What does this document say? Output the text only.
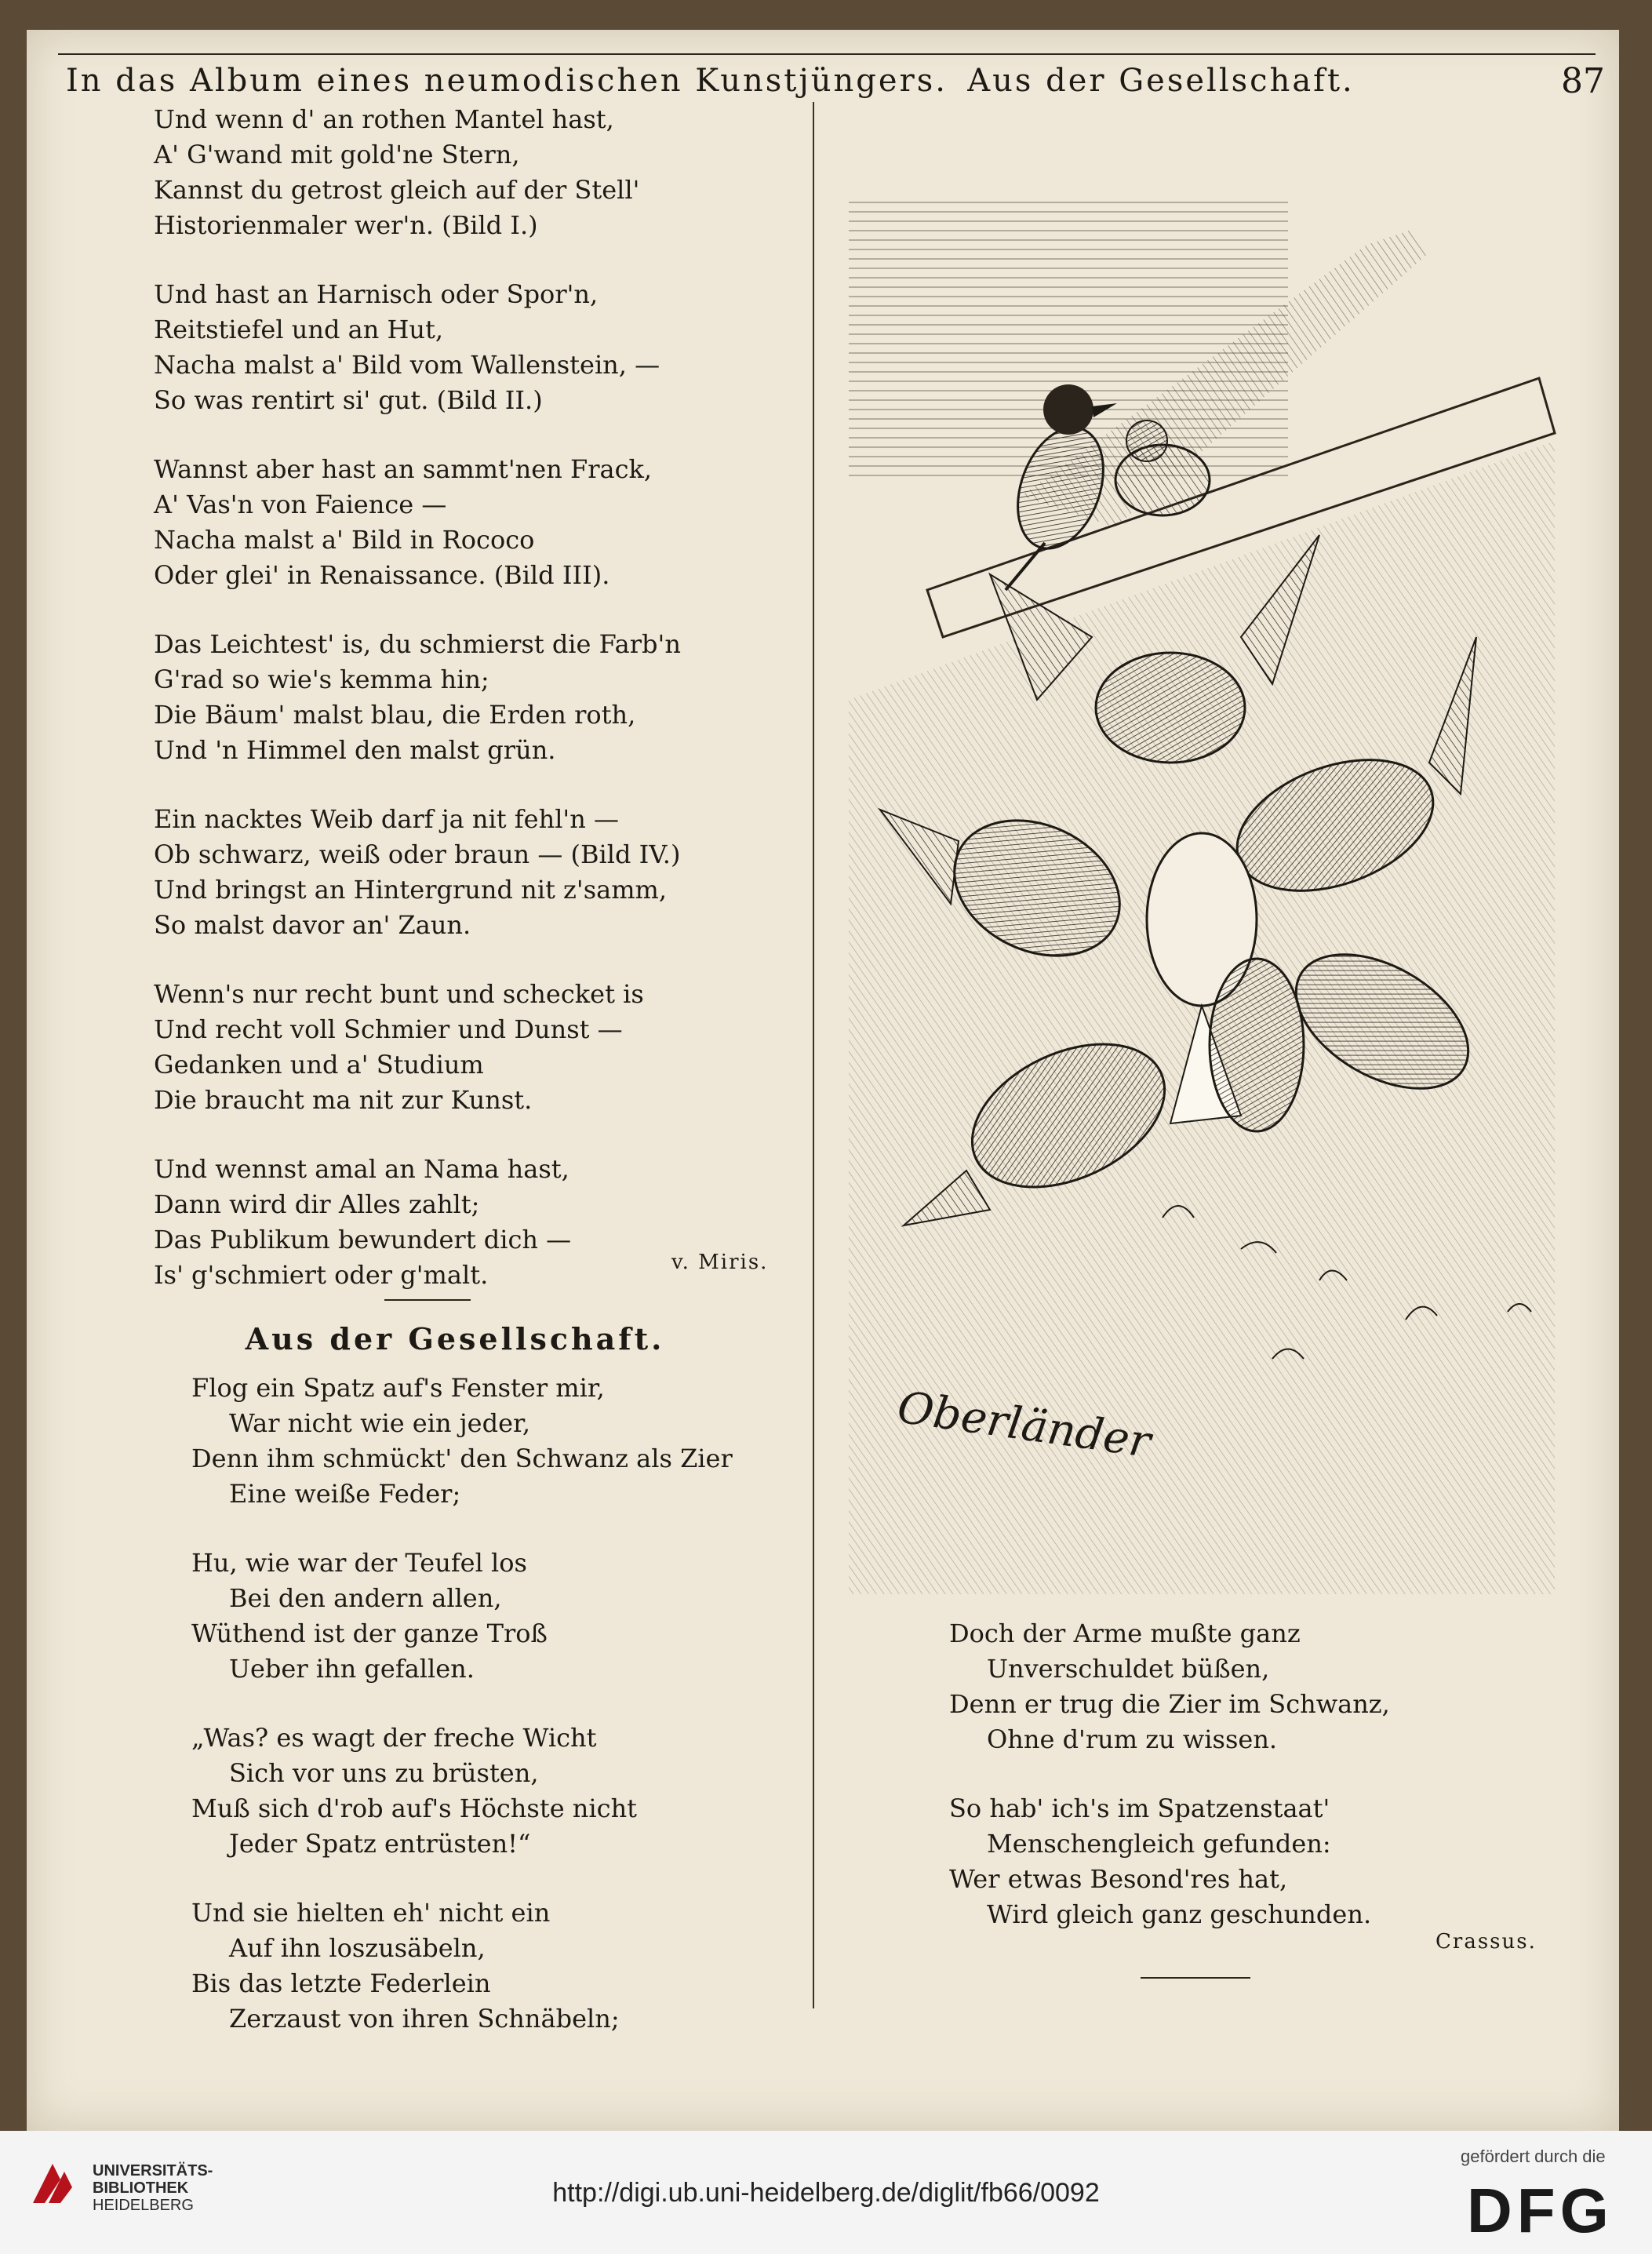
In das Album eines neumodischen Kunstjüngers. Aus der Gesellschaft.	87
Und wenn d' an rothen Mantel hast,
A' G'wand mit gold'ne Stern,
Kannst du getrost gleich auf der Stell'
Historienmaler wer'n. (Bild I.)
Und hast an Harnisch oder Spor'n,
Reitstiefel und an Hut,
Nacha malst a' Bild vom Wallenstein, —
So was rentirt si' gut. (Bild II.)
Wannst aber hast an sammt'nen Frack,
A' Vas'n von Faience —
Nacha malst a' Bild in Rococo
Oder glei' in Renaissance. (Bild III).
Das Leichtest' is, du schmierst die Farb'n
G'rad so wie's kemma hin;
Die Bäum' malst blau, die Erden roth,
Und 'n Himmel den malst grün.
Ein nacktes Weib darf ja nit fehl'n —
Ob schwarz, weiß oder braun — (Bild IV.)
Und bringst an Hintergrund nit z'samm,
So malst davor an' Zaun.
Wenn's nur recht bunt und schecket is
Und recht voll Schmier und Dunst —
Gedanken und a' Studium
Die braucht ma nit zur Kunst.
Und wennst amal an Nama hast,
Dann wird dir Alles zahlt;
Das Publikum bewundert dich —
Is' g'schmiert oder g'malt.	v. Miris.
Aus der Gesellschaft.
Flog ein Spatz auf's Fenster mir,
War nicht wie ein jeder,
Denn ihm schmückt' den Schwanz als Zier
Eine weiße Feder;
Hu, wie war der Teufel los
Bei den andern allen,
Wüthend ist der ganze Troß
Ueber ihn gefallen.
„Was? es wagt der freche Wicht
Sich vor uns zu brüsten,
Muß sich d'rob auf's Höchste nicht
Jeder Spatz entrüsten!“
Und sie hielten eh' nicht ein
Auf ihn loszusäbeln,
Bis das letzte Federlein
Zerzaust von ihren Schnäbeln;
Doch der Arme mußte ganz
Unverschuldet büßen,
Denn er trug die Zier im Schwanz,
Ohne d'rum zu wissen.
So hab' ich's im Spatzenstaat'
Menschengleich gefunden:
Wer etwas Besond'res hat,
Wird gleich ganz geschunden.
Crassus.
Oberländer
UNIVERSITÄTS-
BIBLIOTHEK
HEIDELBERG	http://digi.ub.uni-heidelberg.de/diglit/fb66/0092
gefördert durch die
DFG
